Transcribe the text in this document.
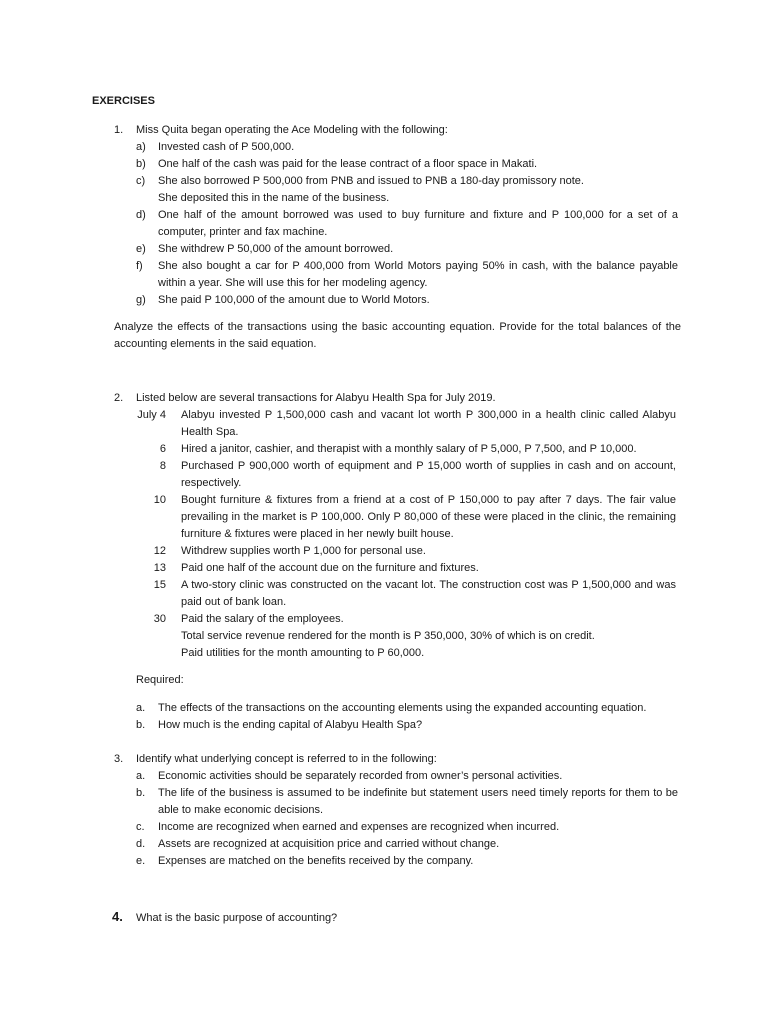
EXERCISES
1. Miss Quita began operating the Ace Modeling with the following:
a)	Invested cash of P 500,000.
b)	One half of the cash was paid for the lease contract of a floor space in Makati.
c)	She also borrowed P 500,000 from PNB and issued to PNB a 180-day promissory note.
She deposited this in the name of the business.
d)	One half of the amount borrowed was used to buy furniture and fixture and P 100,000 for a set of a computer, printer and fax machine.
e)	She withdrew P 50,000 of the amount borrowed.
f)	She also bought a car for P 400,000 from World Motors paying 50% in cash, with the balance payable within a year. She will use this for her modeling agency.
g)	She paid P 100,000 of the amount due to World Motors.
Analyze the effects of the transactions using the basic accounting equation. Provide for the total balances of the accounting elements in the said equation.
2. Listed below are several transactions for Alabyu Health Spa for July 2019.
July 4 Alabyu invested P 1,500,000 cash and vacant lot worth P 300,000 in a health clinic called Alabyu Health Spa.
6 Hired a janitor, cashier, and therapist with a monthly salary of P 5,000, P 7,500, and P 10,000.
8 Purchased P 900,000 worth of equipment and P 15,000 worth of supplies in cash and on account, respectively.
10 Bought furniture & fixtures from a friend at a cost of P 150,000 to pay after 7 days. The fair value prevailing in the market is P 100,000. Only P 80,000 of these were placed in the clinic, the remaining furniture & fixtures were placed in her newly built house.
12 Withdrew supplies worth P 1,000 for personal use.
13 Paid one half of the account due on the furniture and fixtures.
15 A two-story clinic was constructed on the vacant lot. The construction cost was P 1,500,000 and was paid out of bank loan.
30 Paid the salary of the employees.
Total service revenue rendered for the month is P 350,000, 30% of which is on credit.
Paid utilities for the month amounting to P 60,000.
Required:
a.	The effects of the transactions on the accounting elements using the expanded accounting equation.
b.	How much is the ending capital of Alabyu Health Spa?
3. Identify what underlying concept is referred to in the following:
a.	Economic activities should be separately recorded from owner’s personal activities.
b.	The life of the business is assumed to be indefinite but statement users need timely reports for them to be able to make economic decisions.
c.	Income are recognized when earned and expenses are recognized when incurred.
d.	Assets are recognized at acquisition price and carried without change.
e.	Expenses are matched on the benefits received by the company.
4. What is the basic purpose of accounting?
